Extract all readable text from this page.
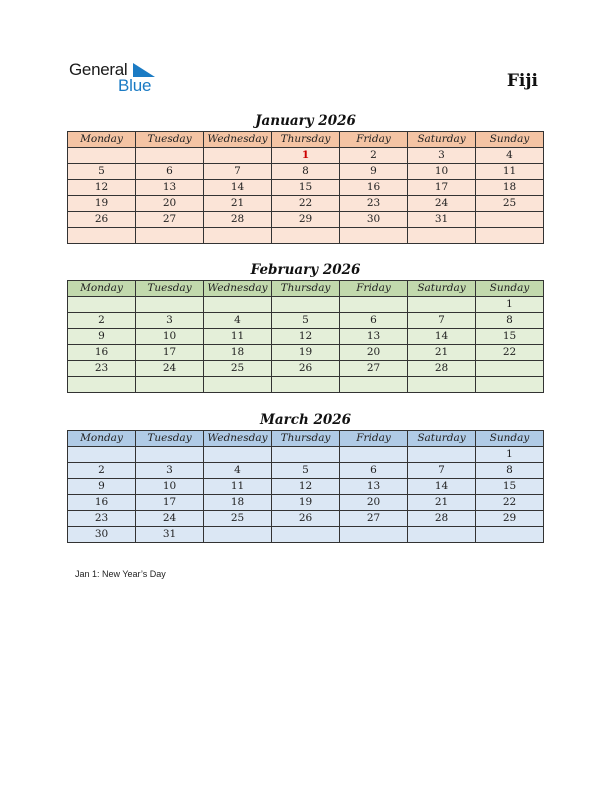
General
Blue	Fiji
January 2026
Monday	Tuesday	Wednesday	Thursday	Friday	Saturday	Sunday
			1	2	3	4
5	6	7	8	9	10	11
12	13	14	15	16	17	18
19	20	21	22	23	24	25
26	27	28	29	30	31	

February 2026
Monday	Tuesday	Wednesday	Thursday	Friday	Saturday	Sunday
						1
2	3	4	5	6	7	8
9	10	11	12	13	14	15
16	17	18	19	20	21	22
23	24	25	26	27	28	

March 2026
Monday	Tuesday	Wednesday	Thursday	Friday	Saturday	Sunday
						1
2	3	4	5	6	7	8
9	10	11	12	13	14	15
16	17	18	19	20	21	22
23	24	25	26	27	28	29
30	31					
Jan 1: New Year’s Day
